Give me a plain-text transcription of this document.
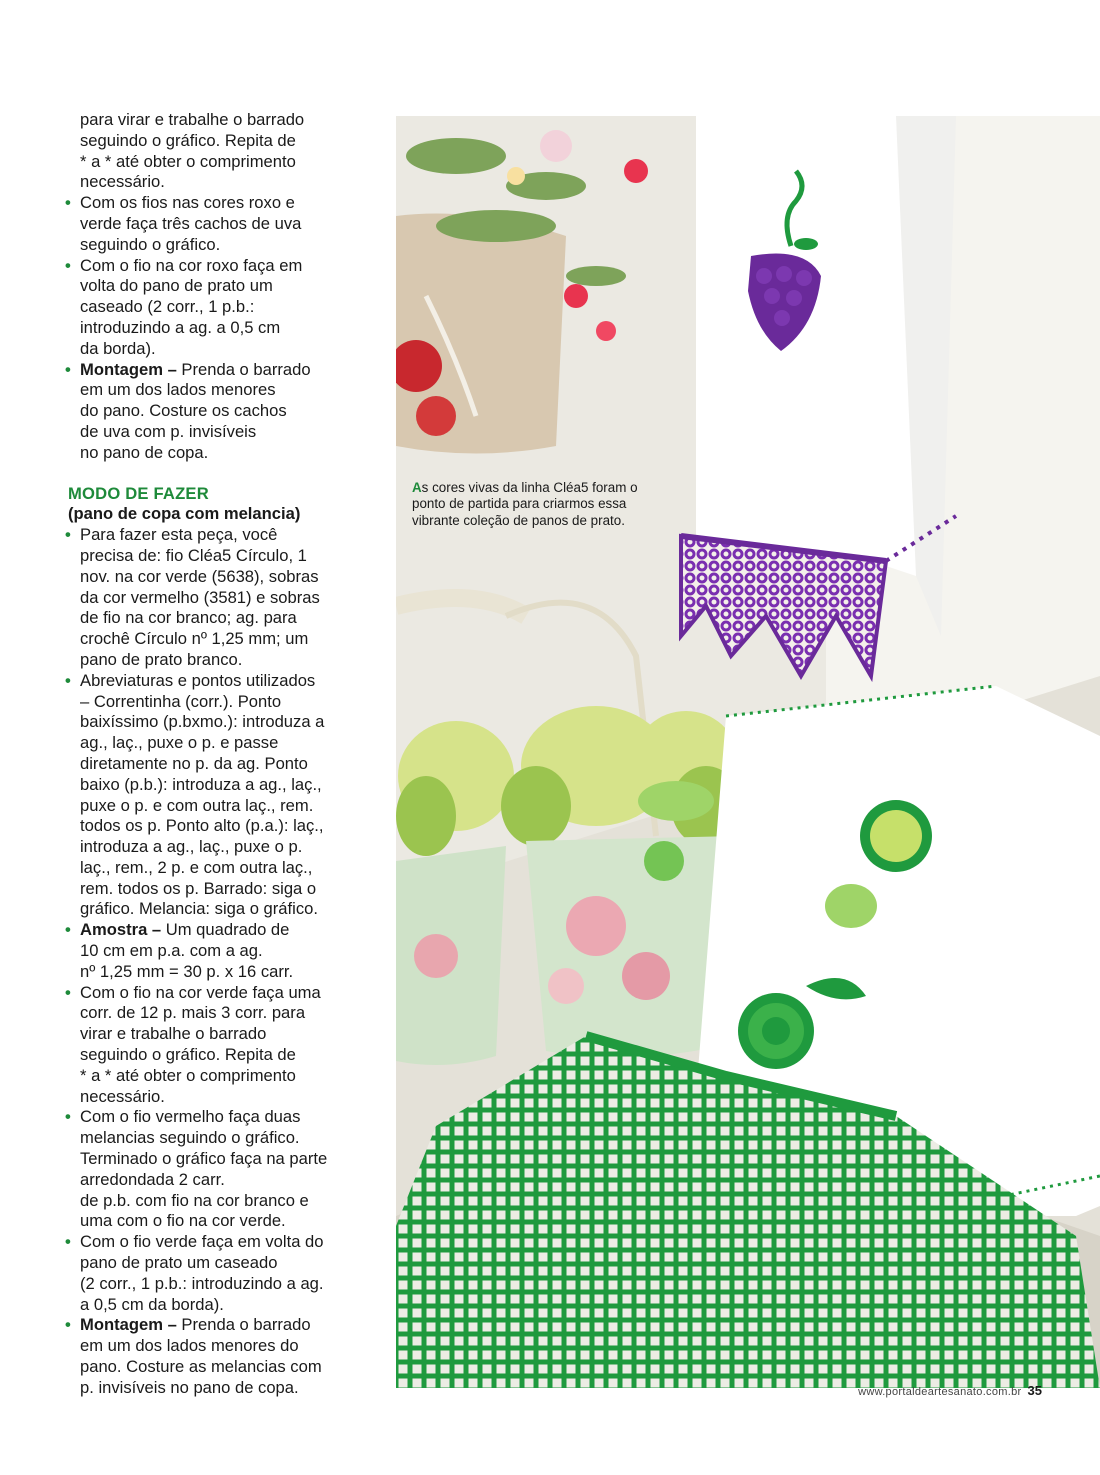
para virar e trabalhe o barrado
seguindo o gráfico. Repita de
* a * até obter o comprimento
necessário.
• Com os fios nas cores roxo e
verde faça três cachos de uva
seguindo o gráfico.
• Com o fio na cor roxo faça em
volta do pano de prato um
caseado (2 corr., 1 p.b.:
introduzindo a ag. a 0,5 cm
da borda).
• Montagem – Prenda o barrado
em um dos lados menores
do pano. Costure os cachos
de uva com p. invisíveis
no pano de copa.
MODO DE FAZER
(pano de copa com melancia)
• Para fazer esta peça, você
precisa de: fio Cléa5 Círculo, 1
nov. na cor verde (5638), sobras
da cor vermelho (3581) e sobras
de fio na cor branco; ag. para
crochê Círculo nº 1,25 mm; um
pano de prato branco.
• Abreviaturas e pontos utilizados
– Correntinha (corr.). Ponto
baixíssimo (p.bxmo.): introduza a
ag., laç., puxe o p. e passe
diretamente no p. da ag. Ponto
baixo (p.b.): introduza a ag., laç.,
puxe o p. e com outra laç., rem.
todos os p. Ponto alto (p.a.): laç.,
introduza a ag., laç., puxe o p.
laç., rem., 2 p. e com outra laç.,
rem. todos os p. Barrado: siga o
gráfico. Melancia: siga o gráfico.
• Amostra – Um quadrado de
10 cm em p.a. com a ag.
nº 1,25 mm = 30 p. x 16 carr.
• Com o fio na cor verde faça uma
corr. de 12 p. mais 3 corr. para
virar e trabalhe o barrado
seguindo o gráfico. Repita de
* a * até obter o comprimento
necessário.
• Com o fio vermelho faça duas
melancias seguindo o gráfico.
Terminado o gráfico faça na parte
arredondada 2 carr.
de p.b. com fio na cor branco e
uma com o fio na cor verde.
• Com o fio verde faça em volta do
pano de prato um caseado
(2 corr., 1 p.b.: introduzindo a ag.
a 0,5 cm da borda).
• Montagem – Prenda o barrado
em um dos lados menores do
pano. Costure as melancias com
p. invisíveis no pano de copa.
As cores vivas da linha Cléa5 foram o ponto de partida para criarmos essa vibrante coleção de panos de prato.
www.portaldeartesanato.com.br 35
